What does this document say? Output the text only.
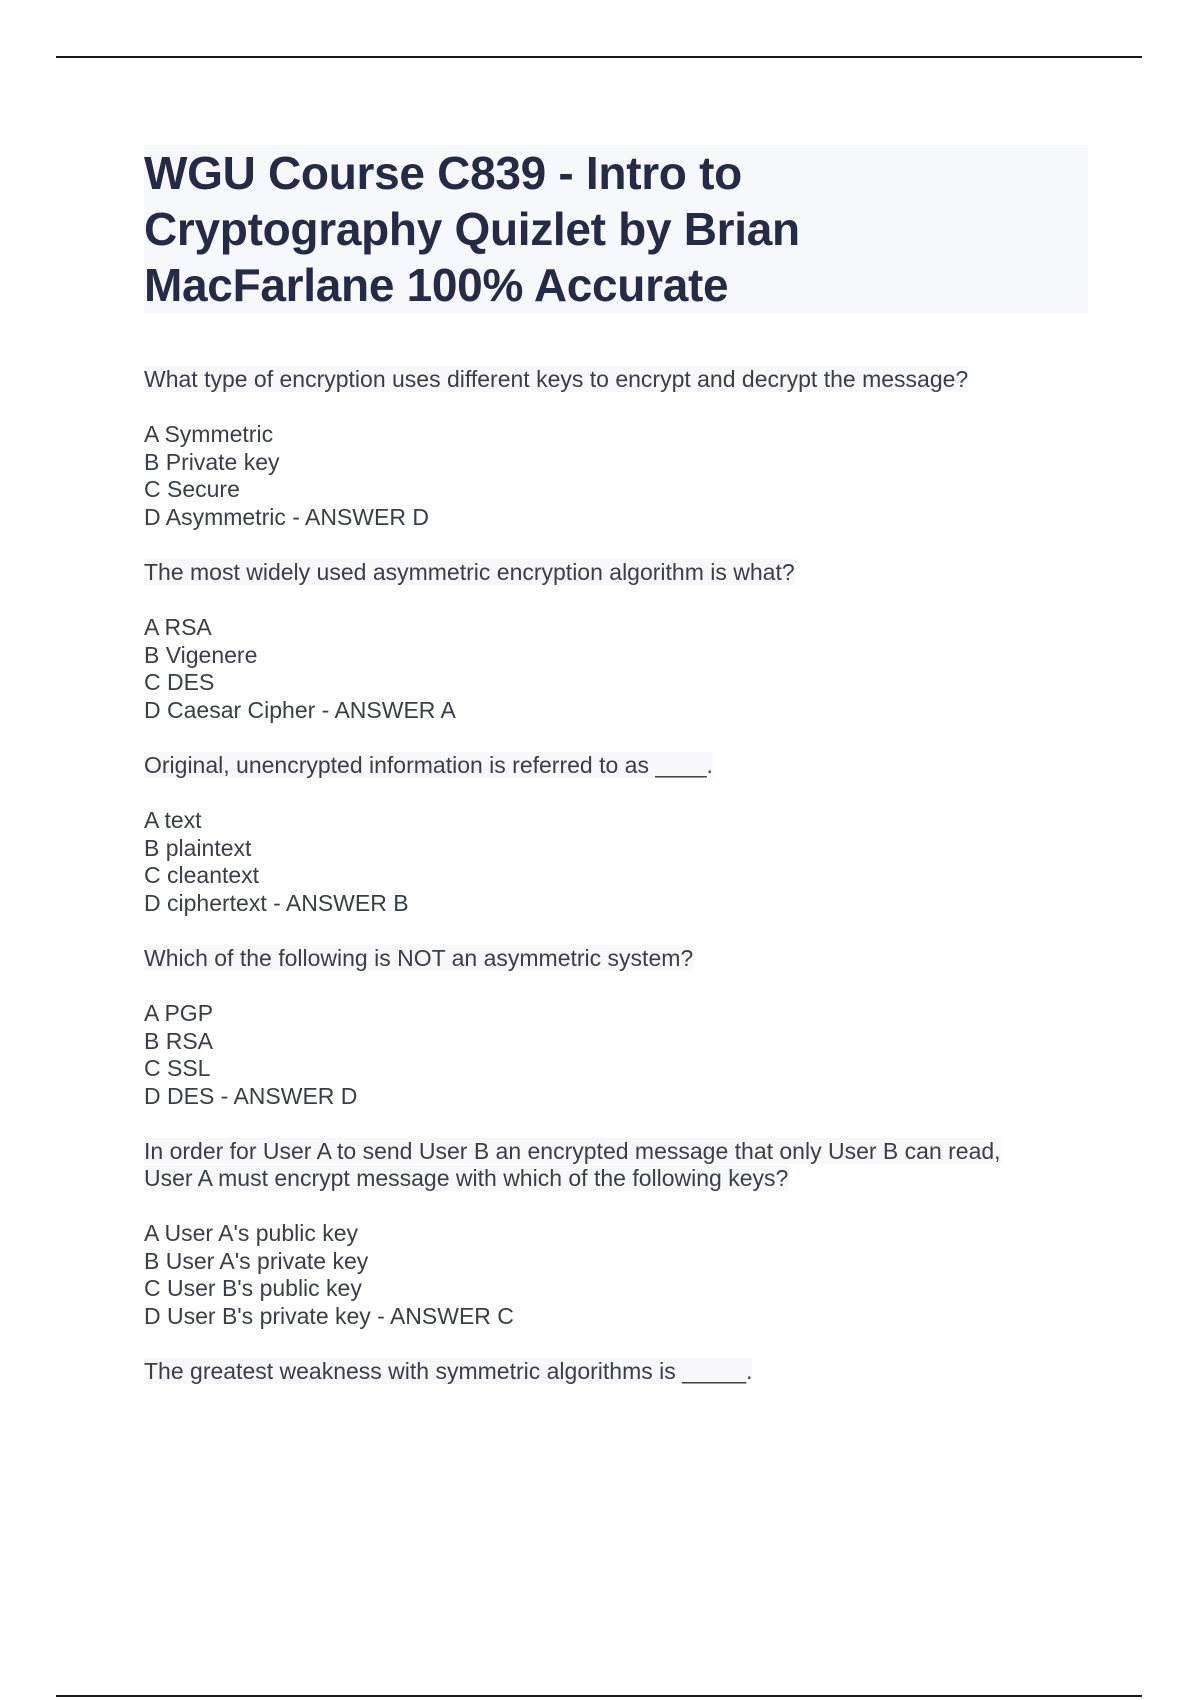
WGU Course C839 - Intro to
Cryptography Quizlet by Brian
MacFarlane 100% Accurate
What type of encryption uses different keys to encrypt and decrypt the message?
A Symmetric
B Private key
C Secure
D Asymmetric - ANSWER D
The most widely used asymmetric encryption algorithm is what?
A RSA
B Vigenere
C DES
D Caesar Cipher - ANSWER A
Original, unencrypted information is referred to as ____.
A text
B plaintext
C cleantext
D ciphertext - ANSWER B
Which of the following is NOT an asymmetric system?
A PGP
B RSA
C SSL
D DES - ANSWER D
In order for User A to send User B an encrypted message that only User B can read,
User A must encrypt message with which of the following keys?
A User A's public key
B User A's private key
C User B's public key
D User B's private key - ANSWER C
The greatest weakness with symmetric algorithms is _____.
